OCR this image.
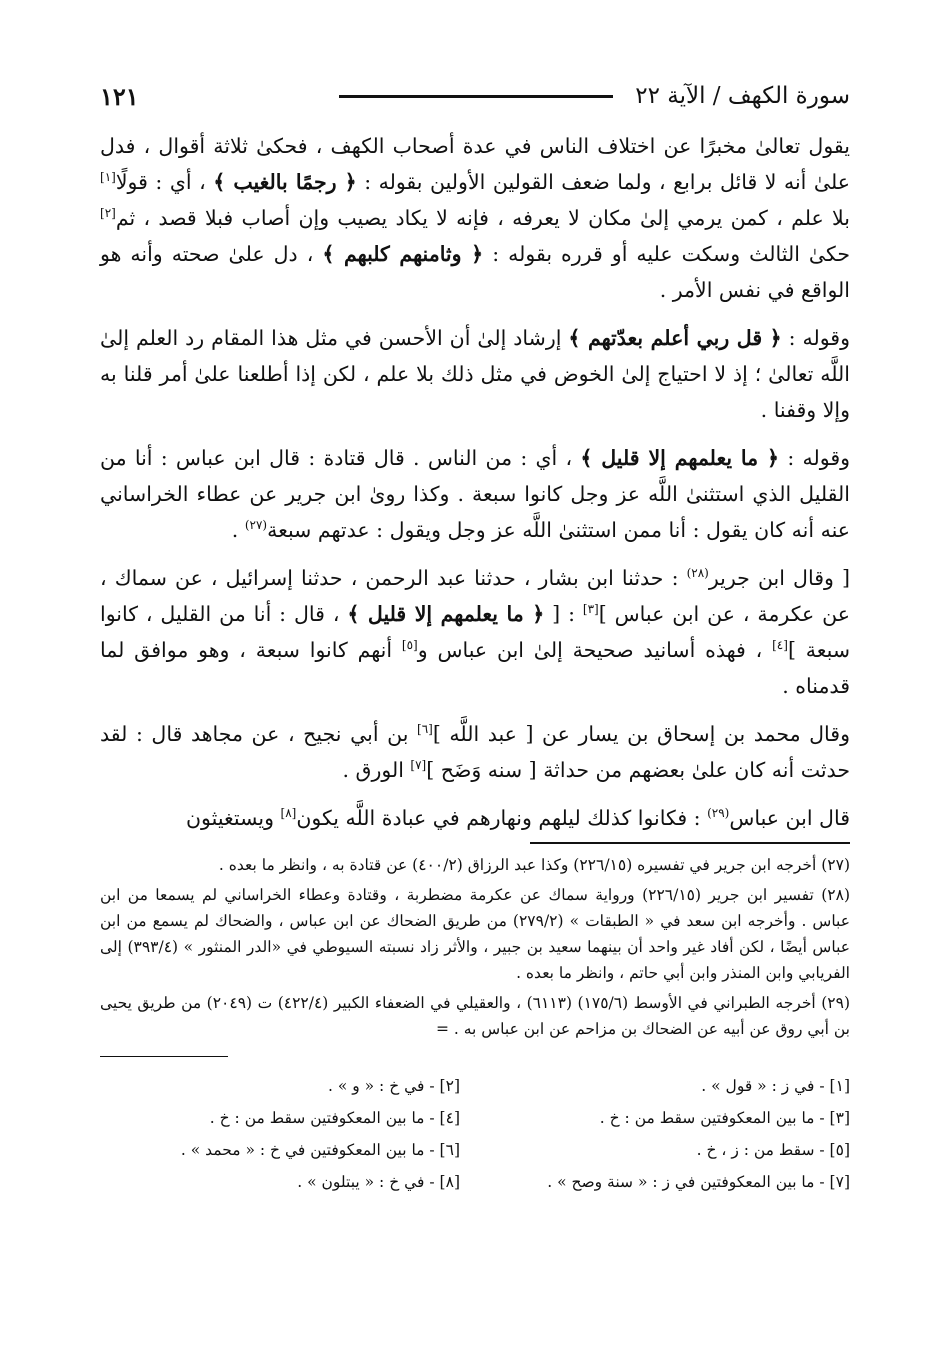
سورة الكهف / الآية ٢٢
١٢١

يقول تعالىٰ مخبرًا عن اختلاف الناس في عدة أصحاب الكهف ، فحكىٰ ثلاثة أقوال ، فدل علىٰ أنه لا قائل برابع ، ولما ضعف القولين الأولين بقوله : ﴿ رجمًا بالغيب ﴾ ، أي : قولًا[١] بلا علم ، كمن يرمي إلىٰ مكان لا يعرفه ، فإنه لا يكاد يصيب وإن أصاب فبلا قصد ، ثم[٢] حكىٰ الثالث وسكت عليه أو قرره بقوله : ﴿ وثامنهم كلبهم ﴾ ، دل علىٰ صحته وأنه هو الواقع في نفس الأمر .

وقوله : ﴿ قل ربي أعلم بعدّتهم ﴾ إرشاد إلىٰ أن الأحسن في مثل هذا المقام رد العلم إلىٰ اللَّه تعالىٰ ؛ إذ لا احتياج إلىٰ الخوض في مثل ذلك بلا علم ، لكن إذا أطلعنا علىٰ أمر قلنا به وإلا وقفنا .

وقوله : ﴿ ما يعلمهم إلا قليل ﴾ ، أي : من الناس . قال قتادة : قال ابن عباس : أنا من القليل الذي استثنىٰ اللَّه عز وجل كانوا سبعة . وكذا روىٰ ابن جرير عن عطاء الخراساني عنه أنه كان يقول : أنا ممن استثنىٰ اللَّه عز وجل ويقول : عدتهم سبعة$^{(٢٧)}$ .

[ وقال ابن جرير$^{(٢٨)}$ : حدثنا ابن بشار ، حدثنا عبد الرحمن ، حدثنا إسرائيل ، عن سماك ، عن عكرمة ، عن ابن عباس ][٣] : [ ﴿ ما يعلمهم إلا قليل ﴾ ، قال : أنا من القليل ، كانوا سبعة ][٤] ، فهذه أسانيد صحيحة إلىٰ ابن عباس و[٥] أنهم كانوا سبعة ، وهو موافق لما قدمناه .

وقال محمد بن إسحاق بن يسار عن [ عبد اللَّه ][٦] بن أبي نجيح ، عن مجاهد قال : لقد حدثت أنه كان علىٰ بعضهم من حداثة [ سنه وَضَح ][٧] الورق .

قال ابن عباس$^{(٢٩)}$ : فكانوا كذلك ليلهم ونهارهم في عبادة اللَّه يكون[٨] ويستغيثون

(٢٧) أخرجه ابن جرير في تفسيره (٢٢٦/١٥) وكذا عبد الرزاق (٤٠٠/٢) عن قتادة به ، وانظر ما بعده .

(٢٨) تفسير ابن جرير (٢٢٦/١٥) ورواية سماك عن عكرمة مضطربة ، وقتادة وعطاء الخراساني لم يسمعا من ابن عباس . وأخرجه ابن سعد في « الطبقات » (٢٧٩/٢) من طريق الضحاك عن ابن عباس ، والضحاك لم يسمع من ابن عباس أيضًا ، لكن أفاد غير واحد أن بينهما سعيد بن جبير ، والأثر زاد نسبته السيوطي في «الدر المنثور » (٣٩٣/٤) إلى الفريابي وابن المنذر وابن أبي حاتم ، وانظر ما بعده .

(٢٩) أخرجه الطبراني في الأوسط (١٧٥/٦) (٦١١٣) ، والعقيلي في الضعفاء الكبير (٤٢٢/٤) ت (٢٠٤٩) من طريق يحيى بن أبي روق عن أبيه عن الضحاك بن مزاحم عن ابن عباس به . =

[١] - في ز : « قول » .
[٢] - في خ : « و » .
[٣] - ما بين المعكوفتين سقط من : خ .
[٤] - ما بين المعكوفتين سقط من : خ .
[٥] - سقط من : ز ، خ .
[٦] - ما بين المعكوفتين في خ : « محمد » .
[٧] - ما بين المعكوفتين في ز : « سنة وصح » .
[٨] - في خ : « يبتلون » .
